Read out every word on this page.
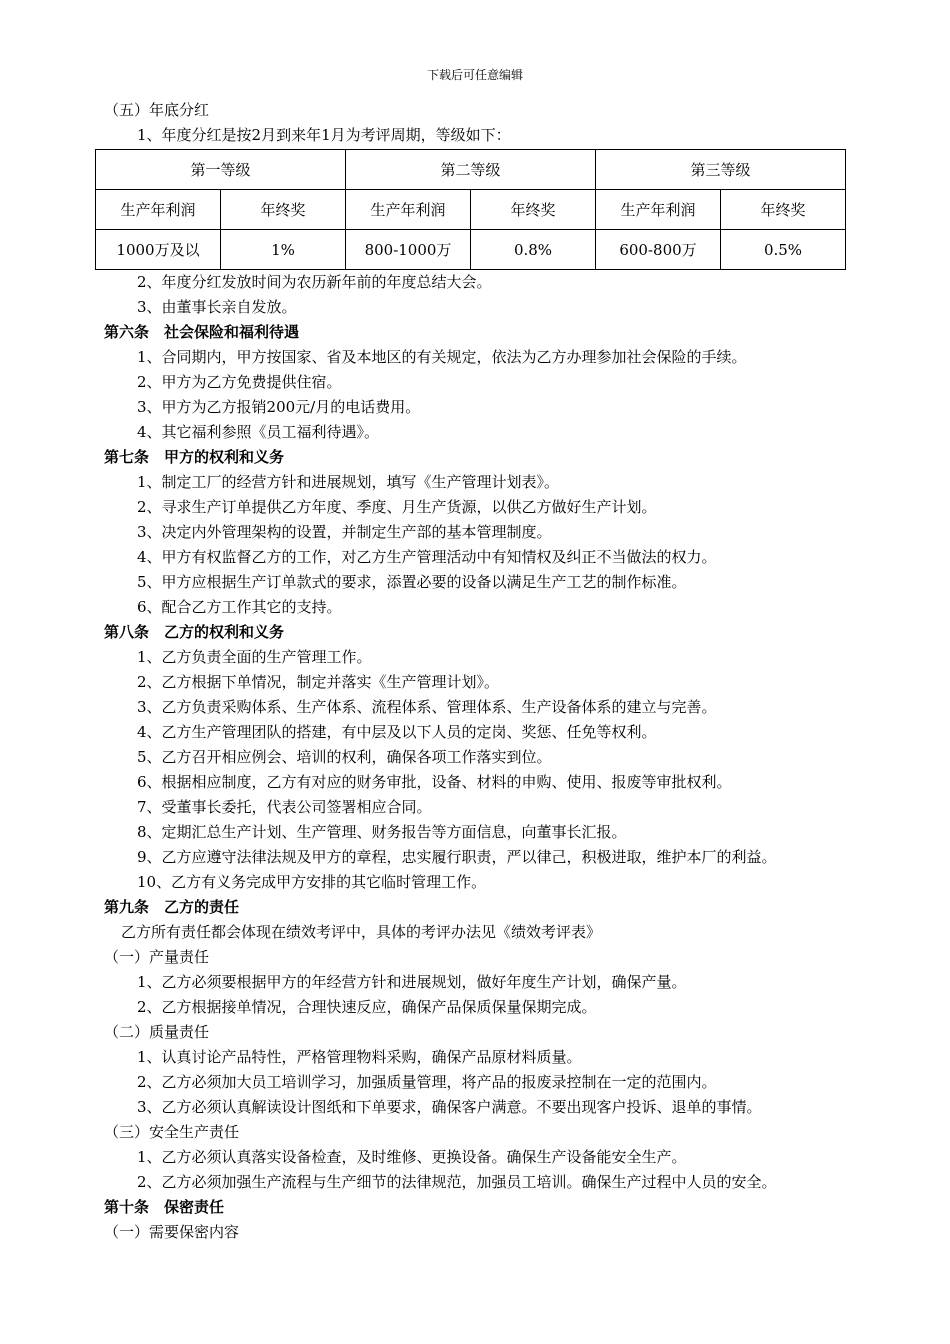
下载后可任意编辑
（五）年底分红
1、年度分红是按2月到来年1月为考评周期，等级如下：
第一等级		第二等级		第三等级	
生产年利润	年终奖	生产年利润	年终奖	生产年利润	年终奖
1000万及以	1%	800-1000万	0.8%	600-800万	0.5%
2、年度分红发放时间为农历新年前的年度总结大会。
3、由董事长亲自发放。
第六条　社会保险和福利待遇
1、合同期内，甲方按国家、省及本地区的有关规定，依法为乙方办理参加社会保险的手续。
2、甲方为乙方免费提供住宿。
3、甲方为乙方报销200元/月的电话费用。
4、其它福利参照《员工福利待遇》。
第七条　甲方的权利和义务
1、制定工厂的经营方针和进展规划，填写《生产管理计划表》。
2、寻求生产订单提供乙方年度、季度、月生产货源，以供乙方做好生产计划。
3、决定内外管理架构的设置，并制定生产部的基本管理制度。
4、甲方有权监督乙方的工作，对乙方生产管理活动中有知情权及纠正不当做法的权力。
5、甲方应根据生产订单款式的要求，添置必要的设备以满足生产工艺的制作标准。
6、配合乙方工作其它的支持。
第八条　乙方的权利和义务
1、乙方负责全面的生产管理工作。
2、乙方根据下单情况，制定并落实《生产管理计划》。
3、乙方负责采购体系、生产体系、流程体系、管理体系、生产设备体系的建立与完善。
4、乙方生产管理团队的搭建，有中层及以下人员的定岗、奖惩、任免等权利。
5、乙方召开相应例会、培训的权利，确保各项工作落实到位。
6、根据相应制度，乙方有对应的财务审批，设备、材料的申购、使用、报废等审批权利。
7、受董事长委托，代表公司签署相应合同。
8、定期汇总生产计划、生产管理、财务报告等方面信息，向董事长汇报。
9、乙方应遵守法律法规及甲方的章程，忠实履行职责，严以律己，积极进取，维护本厂的利益。
10、乙方有义务完成甲方安排的其它临时管理工作。
第九条　乙方的责任
乙方所有责任都会体现在绩效考评中，具体的考评办法见《绩效考评表》
（一）产量责任
1、乙方必须要根据甲方的年经营方针和进展规划，做好年度生产计划，确保产量。
2、乙方根据接单情况，合理快速反应，确保产品保质保量保期完成。
（二）质量责任
1、认真讨论产品特性，严格管理物料采购，确保产品原材料质量。
2、乙方必须加大员工培训学习，加强质量管理，将产品的报废录控制在一定的范围内。
3、乙方必须认真解读设计图纸和下单要求，确保客户满意。不要出现客户投诉、退单的事情。
（三）安全生产责任
1、乙方必须认真落实设备检查，及时维修、更换设备。确保生产设备能安全生产。
2、乙方必须加强生产流程与生产细节的法律规范，加强员工培训。确保生产过程中人员的安全。
第十条　保密责任
（一）需要保密内容
